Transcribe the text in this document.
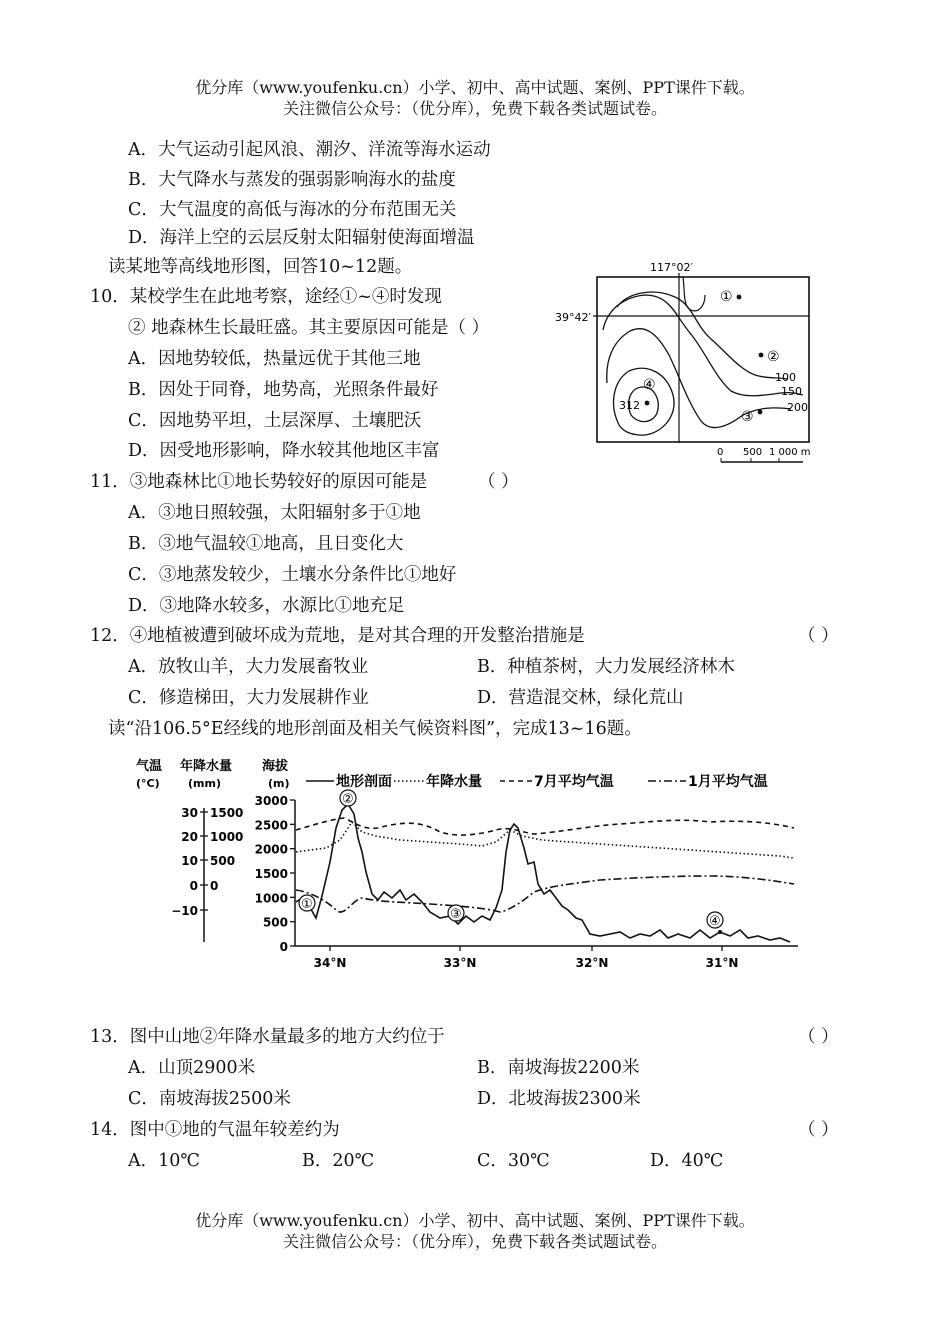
优分库（www.youfenku.cn）小学、初中、高中试题、案例、PPT课件下载。
关注微信公众号：（优分库），免费下载各类试题试卷。
A．大气运动引起风浪、潮汐、洋流等海水运动
B．大气降水与蒸发的强弱影响海水的盐度
C．大气温度的高低与海冰的分布范围无关
D．海洋上空的云层反射太阳辐射使海面增温
读某地等高线地形图，回答10~12题。
10．某校学生在此地考察，途经①~④时发现
② 地森林生长最旺盛。其主要原因可能是（ ）
A．因地势较低，热量远优于其他三地
B．因处于同脊，地势高，光照条件最好
C．因地势平坦，土层深厚、土壤肥沃
D．因受地形影响，降水较其他地区丰富
117°02′
39°42′
100
150
200
312
①
②
③
④
0 500 1 000 m
11．③地森林比①地长势较好的原因可能是	（ ）
A．③地日照较强，太阳辐射多于①地
B．③地气温较①地高，且日变化大
C．③地蒸发较少，土壤水分条件比①地好
D．③地降水较多，水源比①地充足
12．④地植被遭到破坏成为荒地，是对其合理的开发整治措施是	（ ）
A．放牧山羊，大力发展畜牧业	B．种植茶树，大力发展经济林木
C．修造梯田，大力发展耕作业	D．营造混交林，绿化荒山
读“沿106.5°E经线的地形剖面及相关气候资料图”，完成13~16题。
气温 年降水量 海拔
(°C)	(mm)	(m)	地形剖面 年降水量	7月平均气温	1月平均气温
30
20
10
0
−10
1500
1000
500
0
3000
2500
2000
1500
1000
500
0
34°N	33°N	32°N	31°N
①
②
③	④
13．图中山地②年降水量最多的地方大约位于	（ ）
A．山顶2900米	B．南坡海拔2200米
C．南坡海拔2500米	D．北坡海拔2300米
14．图中①地的气温年较差约为	（ ）
A．10℃	B．20℃	C．30℃	D．40℃
优分库（www.youfenku.cn）小学、初中、高中试题、案例、PPT课件下载。
关注微信公众号：（优分库），免费下载各类试题试卷。
